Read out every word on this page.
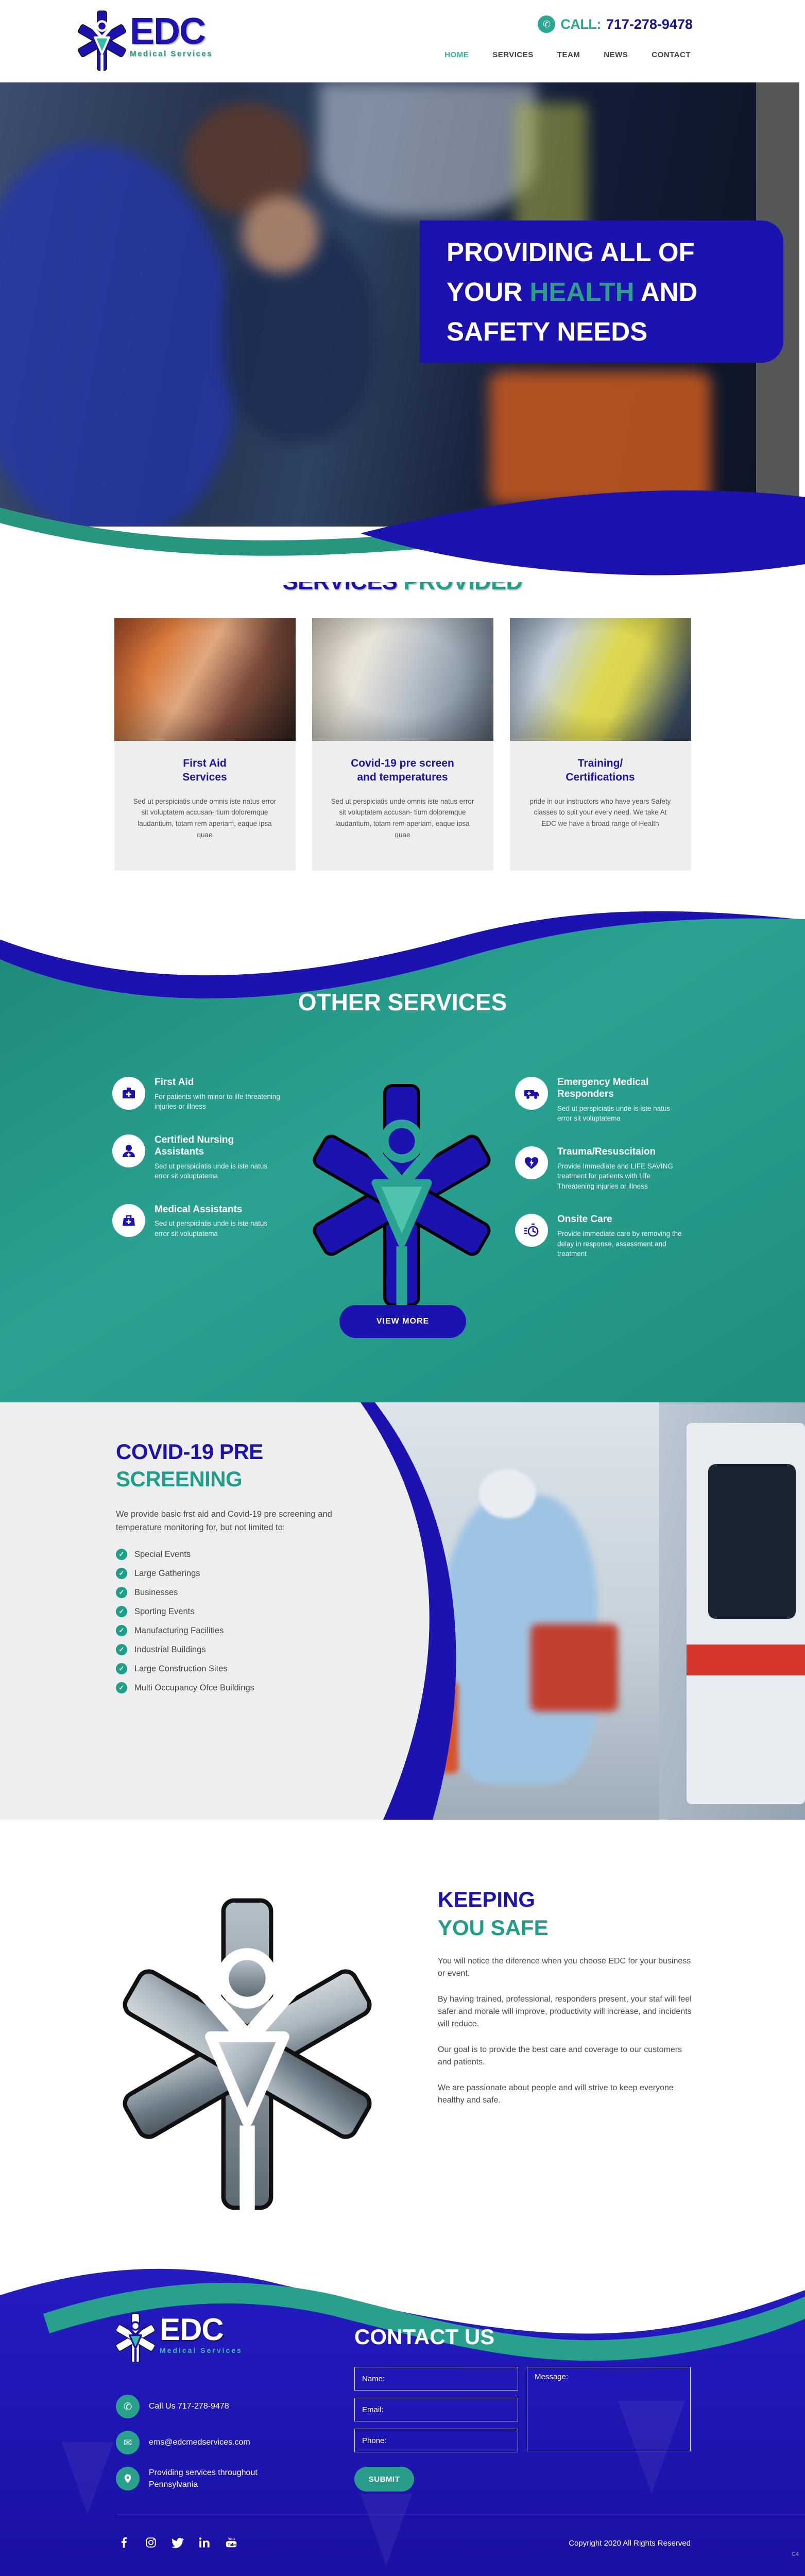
EDC
Medical Services
✆ CALL: 717-278-9478
HOME	SERVICES	TEAM	NEWS	CONTACT
PROVIDING ALL OF
YOUR HEALTH AND
SAFETY NEEDS
First Aid
Services
Sed ut perspiciatis unde omnis iste natus error sit voluptatem accusan- tium doloremque laudantium, totam rem aperiam, eaque ipsa quae
Covid-19 pre screen
and temperatures
Sed ut perspiciatis unde omnis iste natus error sit voluptatem accusan- tium doloremque laudantium, totam rem aperiam, eaque ipsa quae
Training/
Certifications
pride in our instructors who have years Safety classes to suit your every need. We take At EDC we have a broad range of Health
OTHER SERVICES
First Aid
For patients with minor to life threatening injuries or illness
Certified Nursing Assistants
Sed ut perspiciatis unde is iste natus error sit voluptatema
Medical Assistants
Sed ut perspiciatis unde is iste natus error sit voluptatema
Emergency Medical Responders
Sed ut perspiciatis unde is iste natus error sit voluptatema
Trauma/Resuscitaion
Provide Immediate and LIFE SAVING treatment for patients with Life Threatening injuries or illness
Onsite Care
Provide immediate care by removing the delay in response, assessment and treatment
VIEW MORE
COVID-19 PRE
SCREENING
We provide basic frst aid and Covid-19 pre screening and temperature monitoring for, but not limited to:
✓	Special Events
✓	Large Gatherings
✓	Businesses
✓	Sporting Events
✓	Manufacturing Facilities
✓	Industrial Buildings
✓	Large Construction Sites
✓	Multi Occupancy Ofce Buildings
KEEPING
YOU SAFE
You will notice the diference when you choose EDC for your business or event.
By having trained, professional, responders present, your staf will feel safer and morale will improve, productivity will increase, and incidents will reduce.
Our goal is to provide the best care and coverage to our customers and patients.
We are passionate about people and will strive to keep everyone healthy and safe.
EDC
Medical Services
✆	Call Us 717-278-9478
✉	ems@edcmedservices.com
Providing services throughout Pennsylvania
CONTACT US
Name:
Email:
Phone:
Message:
SUBMIT
You
Tube	Copyright 2020 All Rights Reserved
C4
